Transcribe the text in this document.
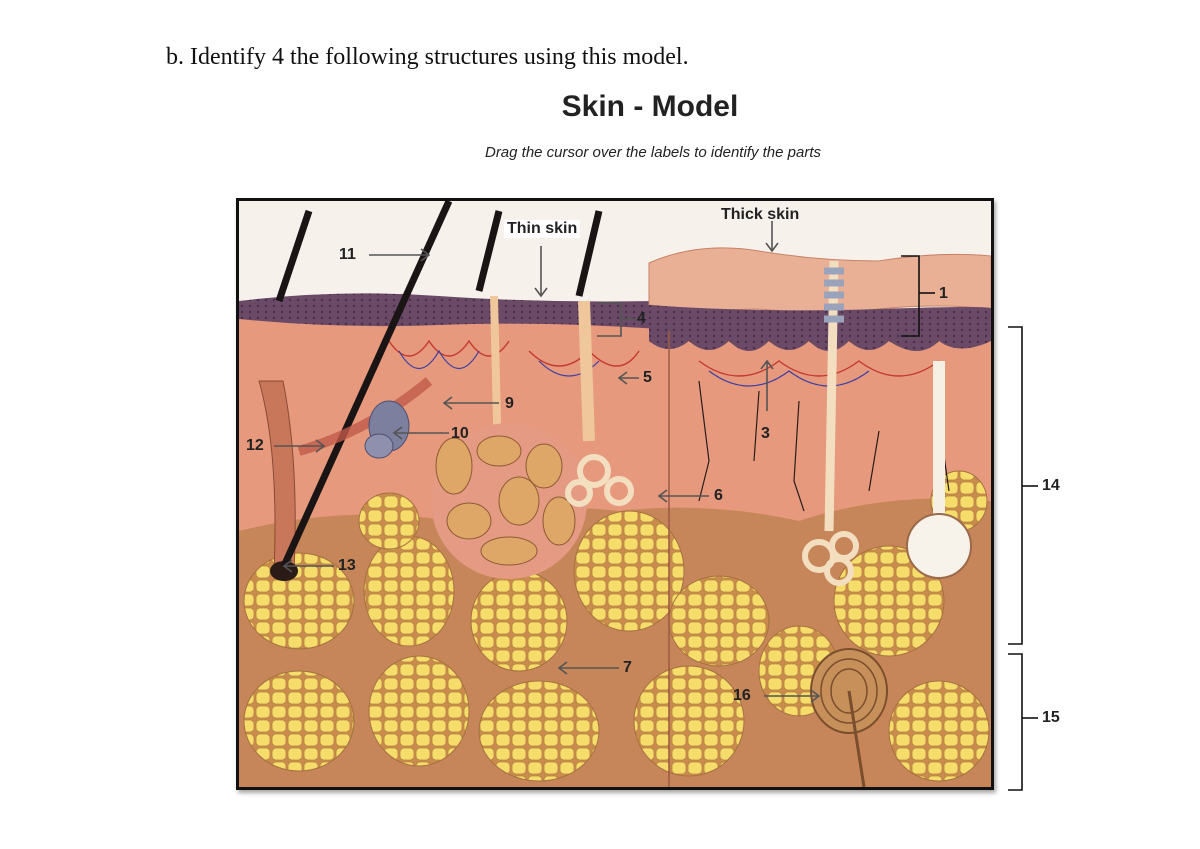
b. Identify 4 the following structures using this model.
Skin - Model
Drag the cursor over the labels to identify the parts
Thin skin
Thick skin
1
3
4
5
6
7
9
10
11
12
13
16
14
15
